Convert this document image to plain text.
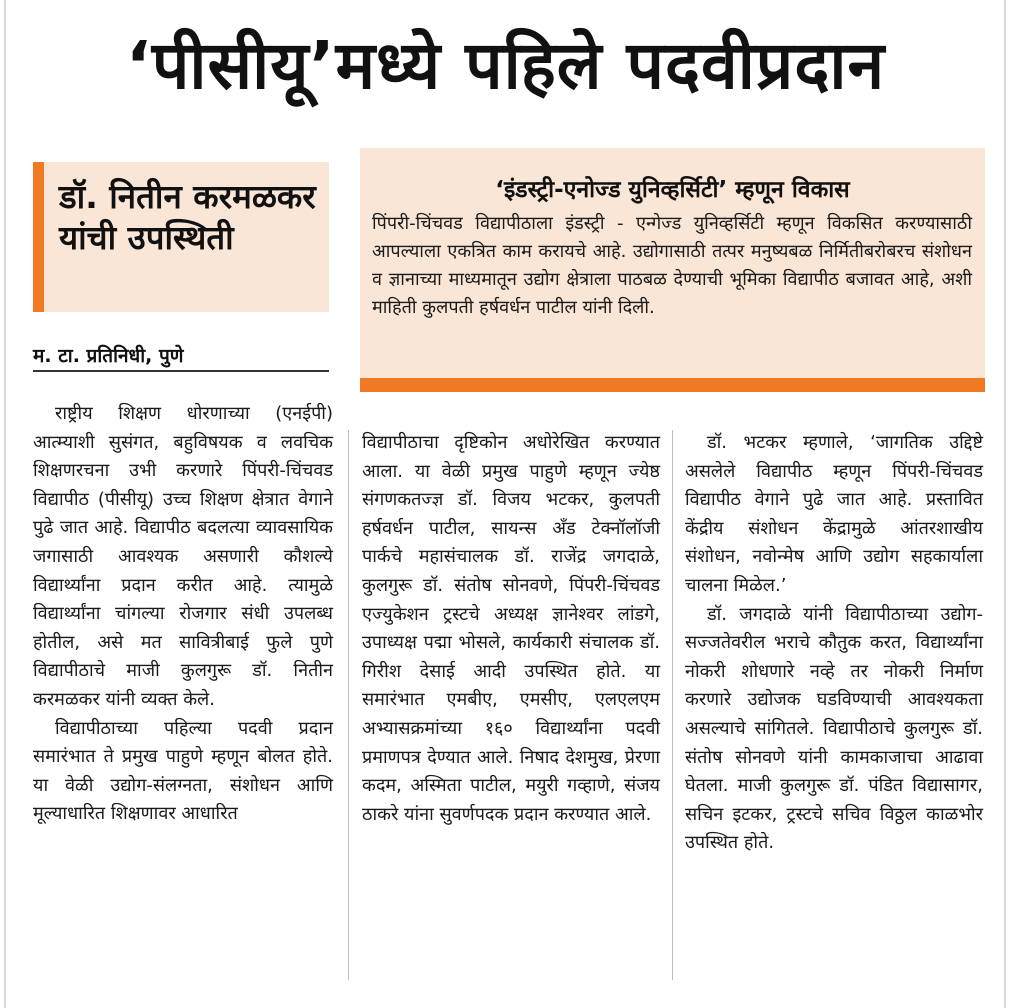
‘पीसीयू’मध्ये पहिले पदवीप्रदान
डॉ. नितीन करमळकर यांची उपस्थिती
म. टा. प्रतिनिधी, पुणे
‘इंडस्ट्री-एनोज्ड युनिव्हर्सिटी’ म्हणून विकास
पिंपरी-चिंचवड विद्यापीठाला इंडस्ट्री - एन्गेज्ड युनिव्हर्सिटी म्हणून विकसित करण्यासाठी आपल्याला एकत्रित काम करायचे आहे. उद्योगासाठी तत्पर मनुष्यबळ निर्मितीबरोबरच संशोधन व ज्ञानाच्या माध्यमातून उद्योग क्षेत्राला पाठबळ देण्याची भूमिका विद्यापीठ बजावत आहे, अशी माहिती कुलपती हर्षवर्धन पाटील यांनी दिली.

राष्ट्रीय शिक्षण धोरणाच्या (एनईपी) आत्म्याशी सुसंगत, बहुविषयक व लवचिक शिक्षणरचना उभी करणारे पिंपरी-चिंचवड विद्यापीठ (पीसीयू) उच्च शिक्षण क्षेत्रात वेगाने पुढे जात आहे. विद्यापीठ बदलत्या व्यावसायिक जगासाठी आवश्यक असणारी कौशल्ये विद्यार्थ्यांना प्रदान करीत आहे. त्यामुळे विद्यार्थ्यांना चांगल्या रोजगार संधी उपलब्ध होतील, असे मत सावित्रीबाई फुले पुणे विद्यापीठाचे माजी कुलगुरू डॉ. नितीन करमळकर यांनी व्यक्त केले.

विद्यापीठाच्या पहिल्या पदवी प्रदान समारंभात ते प्रमुख पाहुणे म्हणून बोलत होते. या वेळी उद्योग-संलग्नता, संशोधन आणि मूल्याधारित शिक्षणावर आधारित

विद्यापीठाचा दृष्टिकोन अधोरेखित करण्यात आला. या वेळी प्रमुख पाहुणे म्हणून ज्येष्ठ संगणकतज्ज्ञ डॉ. विजय भटकर, कुलपती हर्षवर्धन पाटील, सायन्स अँड टेक्नॉलॉजी पार्कचे महासंचालक डॉ. राजेंद्र जगदाळे, कुलगुरू डॉ. संतोष सोनवणे, पिंपरी-चिंचवड एज्युकेशन ट्रस्टचे अध्यक्ष ज्ञानेश्वर लांडगे, उपाध्यक्ष पद्मा भोसले, कार्यकारी संचालक डॉ. गिरीश देसाई आदी उपस्थित होते. या समारंभात एमबीए, एमसीए, एलएलएम अभ्यासक्रमांच्या १६० विद्यार्थ्यांना पदवी प्रमाणपत्र देण्यात आले. निषाद देशमुख, प्रेरणा कदम, अस्मिता पाटील, मयुरी गव्हाणे, संजय ठाकरे यांना सुवर्णपदक प्रदान करण्यात आले.

डॉ. भटकर म्हणाले, ‘जागतिक उद्दिष्टे असलेले विद्यापीठ म्हणून पिंपरी-चिंचवड विद्यापीठ वेगाने पुढे जात आहे. प्रस्तावित केंद्रीय संशोधन केंद्रामुळे आंतरशाखीय संशोधन, नवोन्मेष आणि उद्योग सहकार्याला चालना मिळेल.’

डॉ. जगदाळे यांनी विद्यापीठाच्या उद्योग-सज्जतेवरील भराचे कौतुक करत, विद्यार्थ्यांना नोकरी शोधणारे नव्हे तर नोकरी निर्माण करणारे उद्योजक घडविण्याची आवश्यकता असल्याचे सांगितले. विद्यापीठाचे कुलगुरू डॉ. संतोष सोनवणे यांनी कामकाजाचा आढावा घेतला. माजी कुलगुरू डॉ. पंडित विद्यासागर, सचिन इटकर, ट्रस्टचे सचिव विठ्ठल काळभोर उपस्थित होते.
